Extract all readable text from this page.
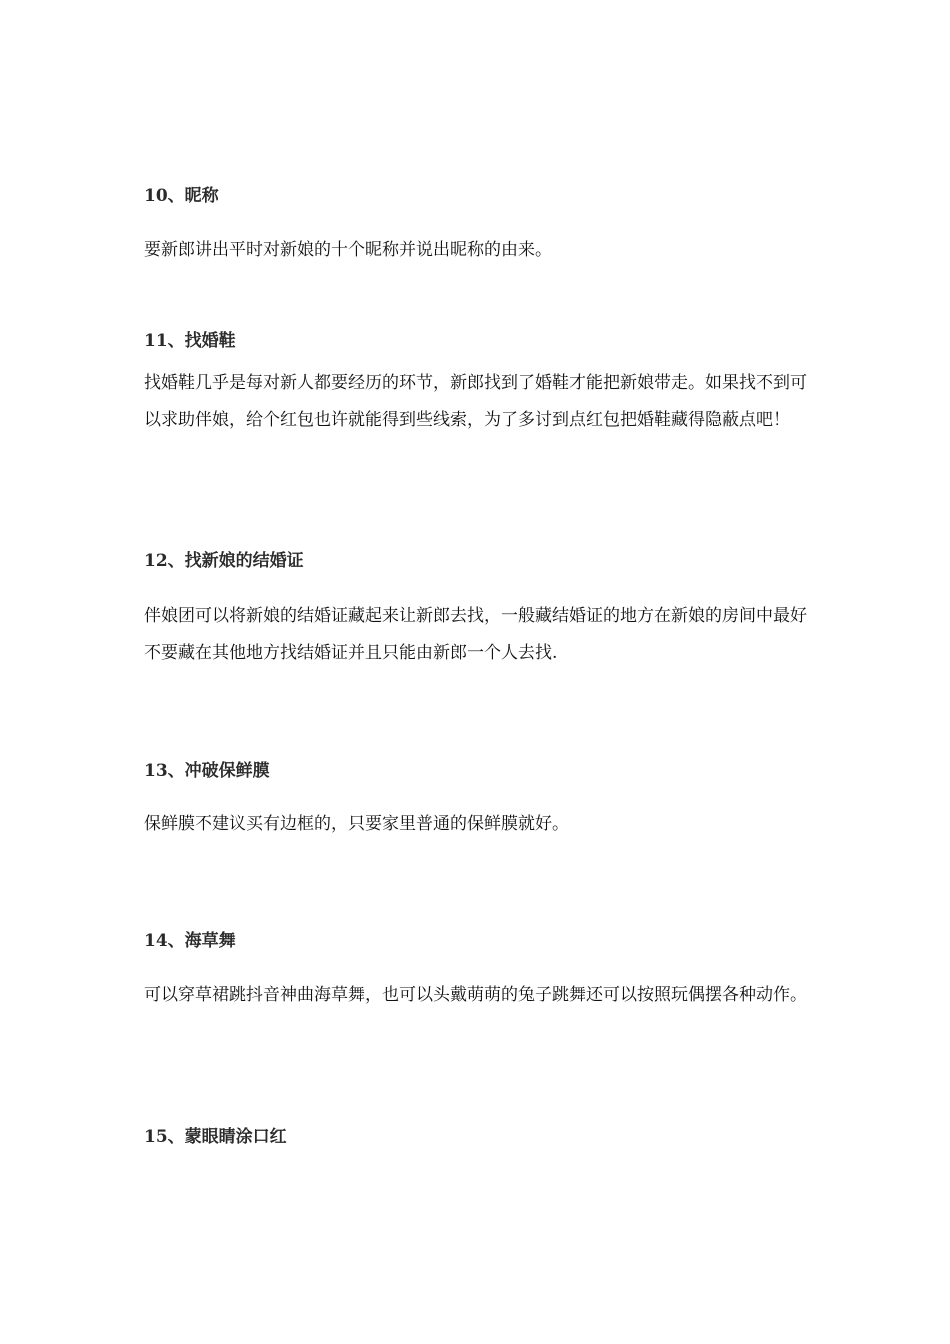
10、昵称

要新郎讲出平时对新娘的十个昵称并说出昵称的由来。

11、找婚鞋

找婚鞋几乎是每对新人都要经历的环节，新郎找到了婚鞋才能把新娘带走。如果找不到可以求助伴娘，给个红包也许就能得到些线索，为了多讨到点红包把婚鞋藏得隐蔽点吧！

12、找新娘的结婚证

伴娘团可以将新娘的结婚证藏起来让新郎去找，一般藏结婚证的地方在新娘的房间中最好不要藏在其他地方找结婚证并且只能由新郎一个人去找.

13、冲破保鲜膜

保鲜膜不建议买有边框的，只要家里普通的保鲜膜就好。

14、海草舞

可以穿草裙跳抖音神曲海草舞，也可以头戴萌萌的兔子跳舞还可以按照玩偶摆各种动作。

15、蒙眼睛涂口红
